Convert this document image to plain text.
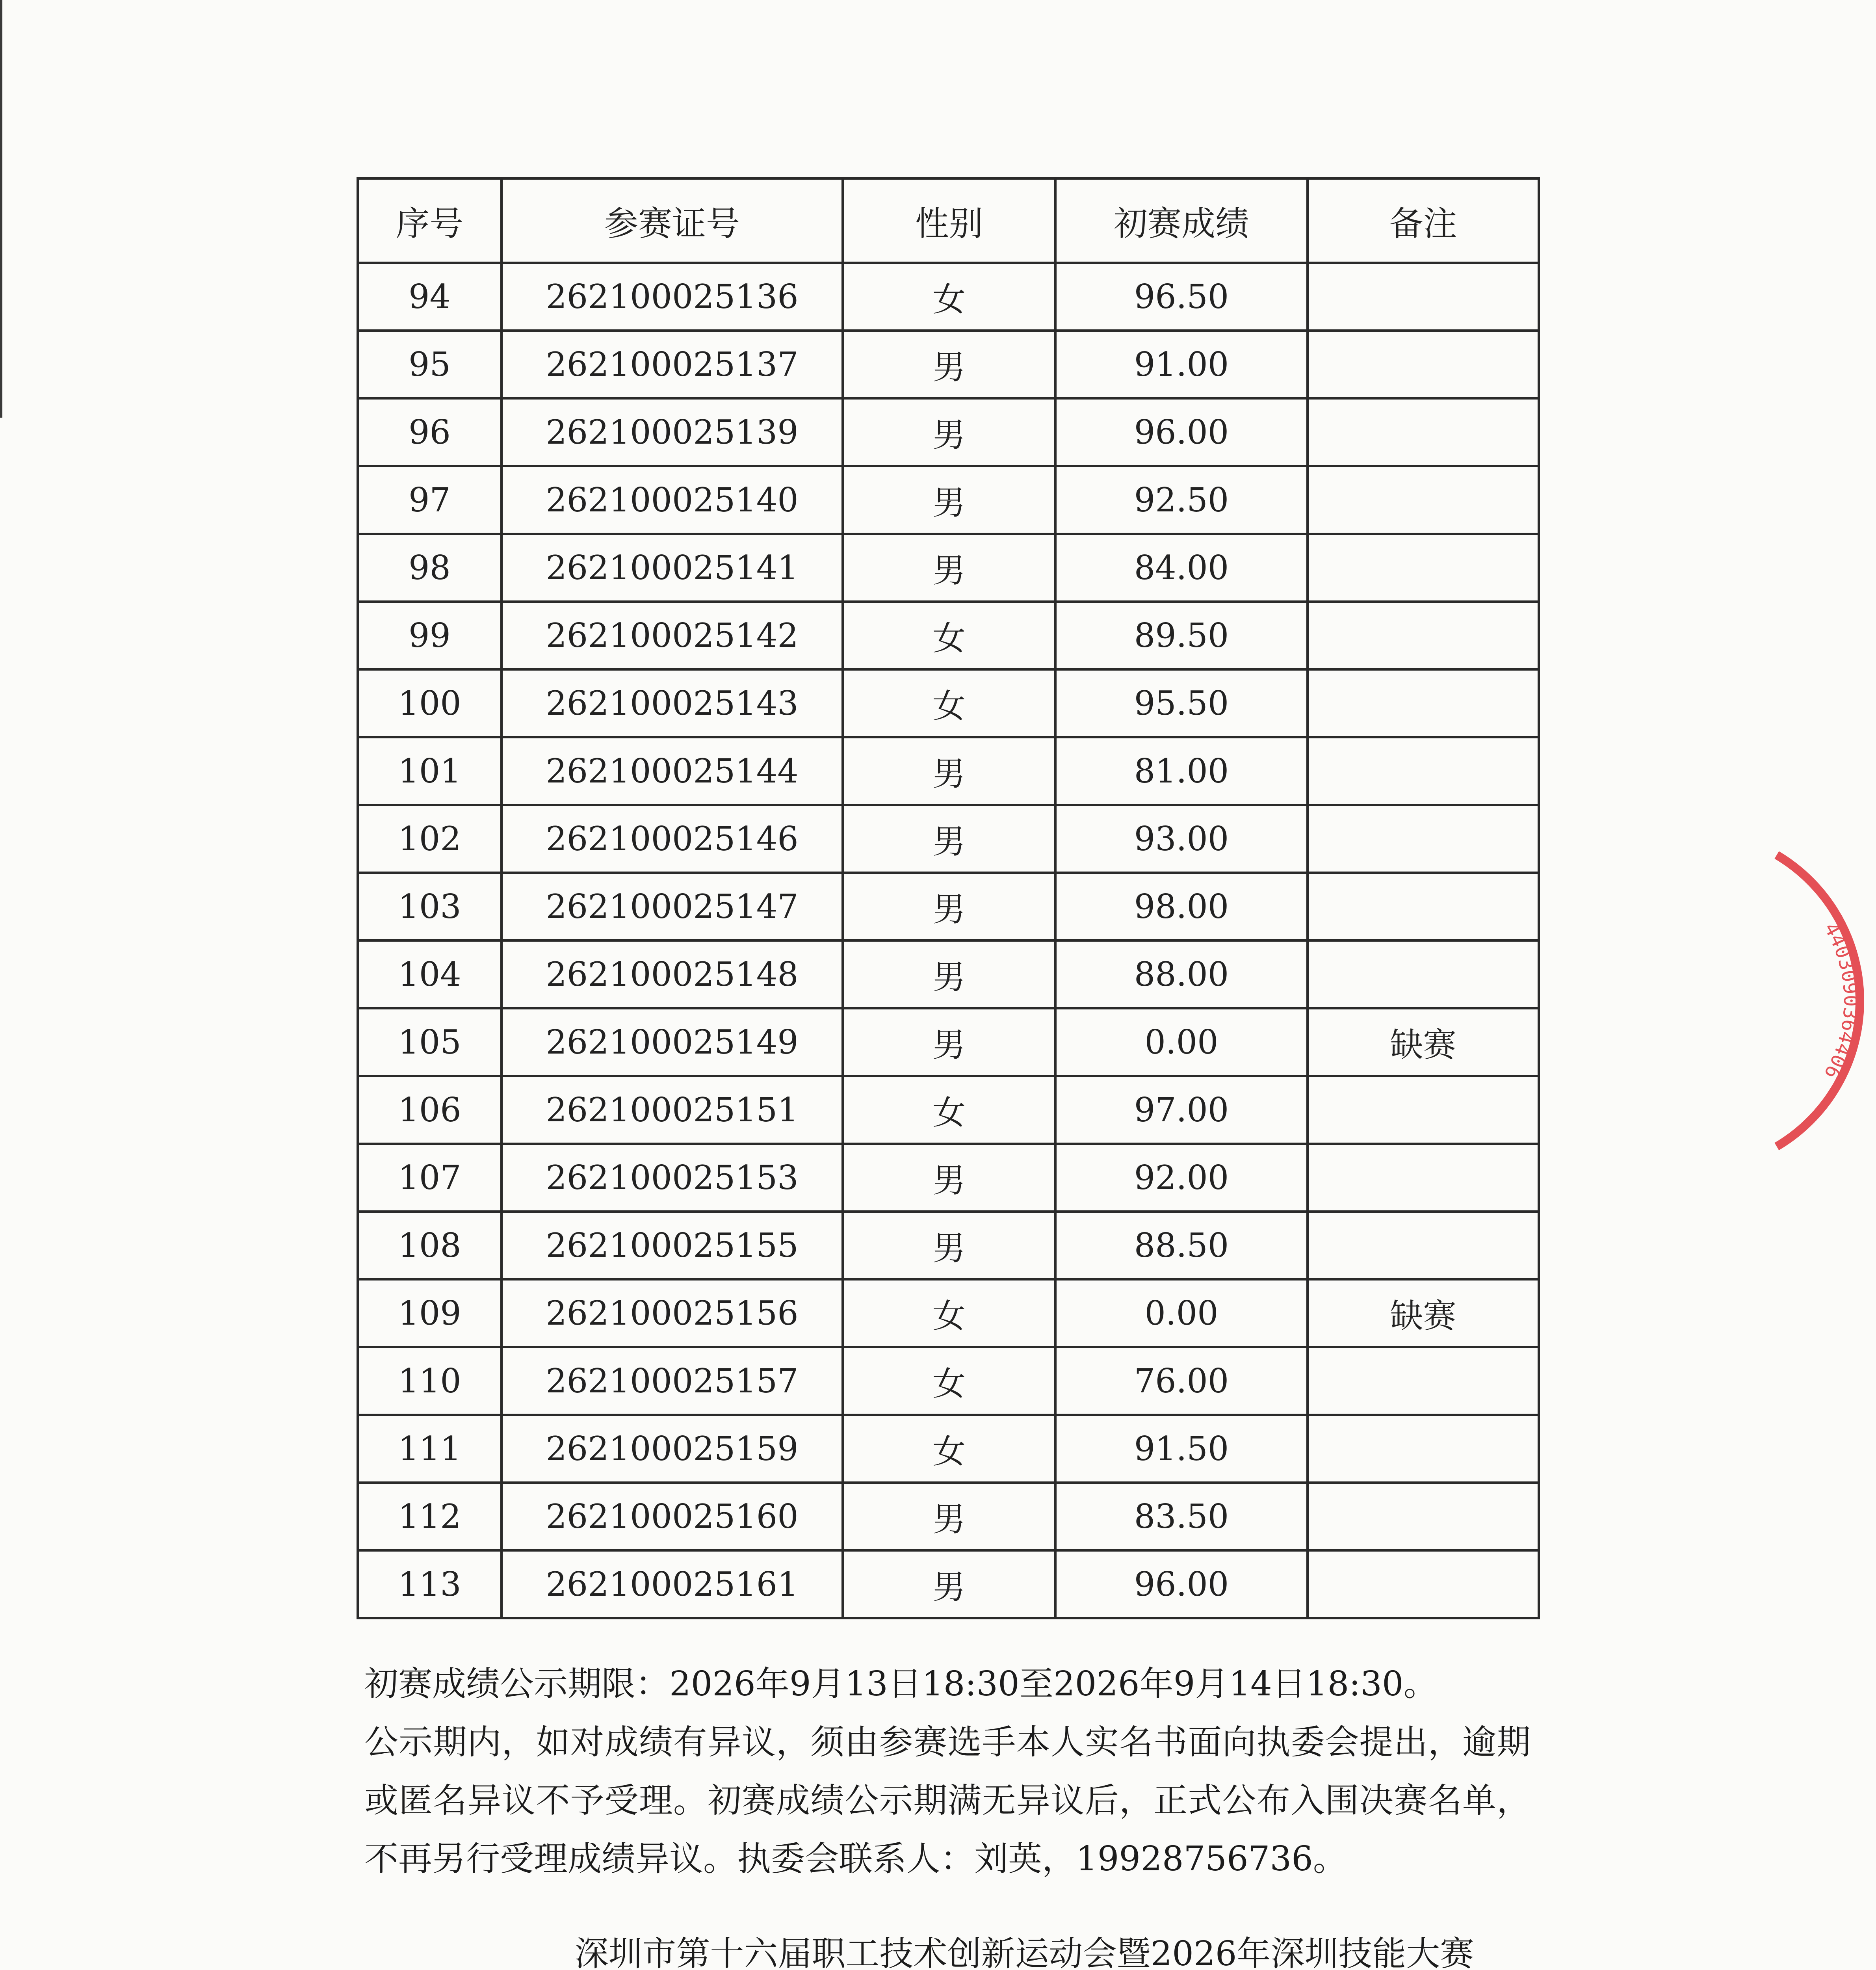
序号	参赛证号	性别	初赛成绩	备注
94	262100025136	女	96.50	
95	262100025137	男	91.00	
96	262100025139	男	96.00	
97	262100025140	男	92.50	
98	262100025141	男	84.00	
99	262100025142	女	89.50	
100	262100025143	女	95.50	
101	262100025144	男	81.00	
102	262100025146	男	93.00	
103	262100025147	男	98.00	
104	262100025148	男	88.00	
105	262100025149	男	0.00	缺赛
106	262100025151	女	97.00	
107	262100025153	男	92.00	
108	262100025155	男	88.50	
109	262100025156	女	0.00	缺赛
110	262100025157	女	76.00	
111	262100025159	女	91.50	
112	262100025160	男	83.50	
113	262100025161	男	96.00	

初赛成绩公示期限：2026年9月13日18:30至2026年9月14日18:30。

公示期内，如对成绩有异议，须由参赛选手本人实名书面向执委会提出，逾期或匿名异议不予受理。初赛成绩公示期满无异议后，正式公布入围决赛名单，不再另行受理成绩异议。执委会联系人：刘英，19928756736。

深圳市第十六届职工技术创新运动会暨2026年深圳技能大赛

4403090364406
